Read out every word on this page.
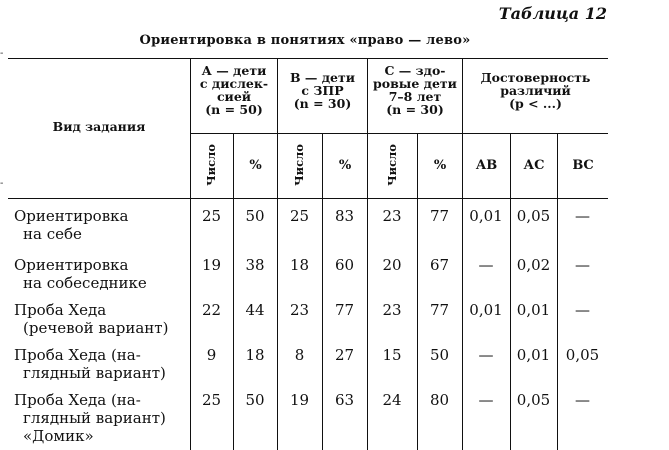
Таблица 12
Ориентировка в понятиях «право — лево»
-
-
Вид задания
А — дети
с дислек-
сией
(n = 50)
В — дети
с ЗПР
(n = 30)
С — здо-
ровые дети
7–8 лет
(n = 30)
Достоверность
различий
(p < ...)
Число	%	Число	%	Число	%	АВ	АС	ВС
Ориентировка
на себе
25	50	25	83	23	77	0,01 0,05	—
Ориентировка
на собеседнике
19	38	18	60	20	67	—	0,02	—
Проба Хеда
(речевой вариант)
22	44	23	77	23	77	0,01 0,01	—
Проба Хеда (на-
глядный вариант)
9	18	8	27	15	50	—	0,01	0,05
Проба Хеда (на-
глядный вариант)
«Домик»
25	50	19	63	24	80	—	0,05	—
